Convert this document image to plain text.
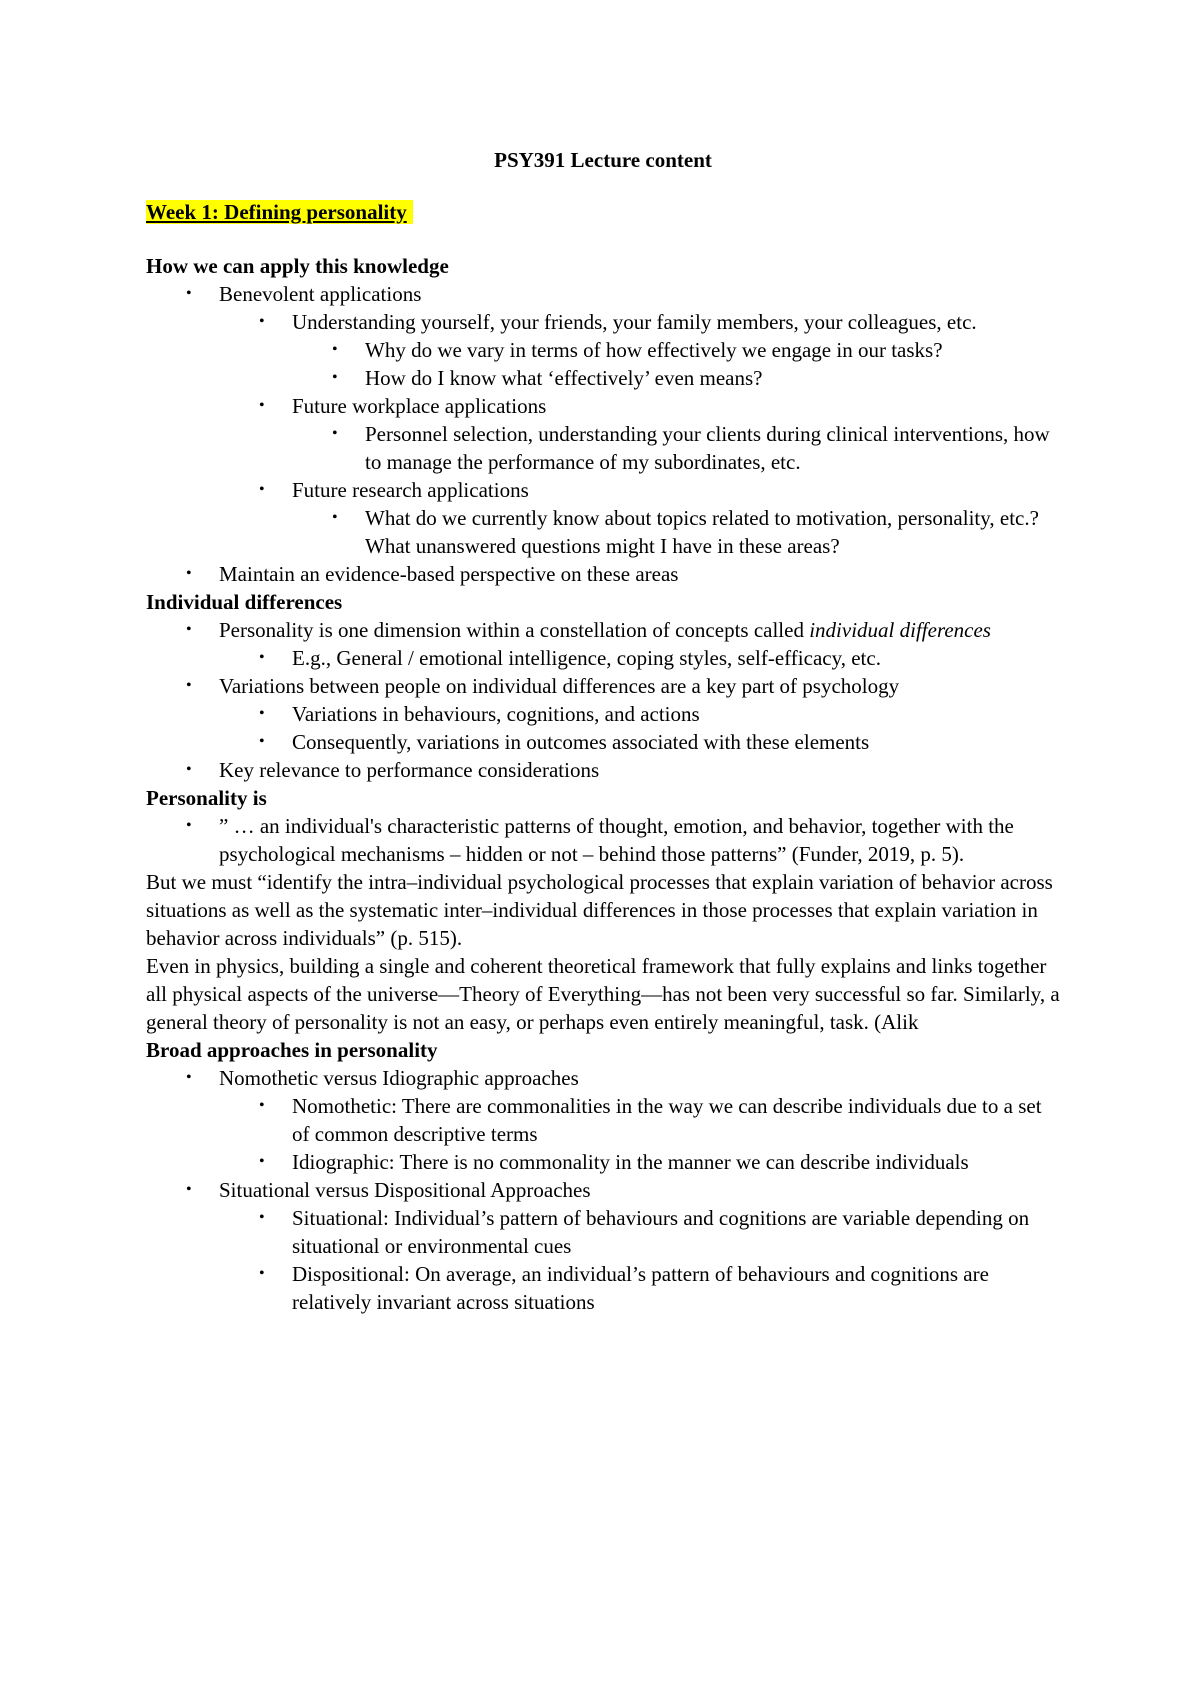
PSY391 Lecture content
Week 1: Defining personality
How we can apply this knowledge
• Benevolent applications
• Understanding yourself, your friends, your family members, your colleagues, etc.
• Why do we vary in terms of how effectively we engage in our tasks?
• How do I know what ‘effectively’ even means?
• Future workplace applications
• Personnel selection, understanding your clients during clinical interventions, how to manage the performance of my subordinates, etc.
• Future research applications
• What do we currently know about topics related to motivation, personality, etc.? What unanswered questions might I have in these areas?
• Maintain an evidence-based perspective on these areas
Individual differences
• Personality is one dimension within a constellation of concepts called individual differences
• E.g., General / emotional intelligence, coping styles, self-efficacy, etc.
• Variations between people on individual differences are a key part of psychology
• Variations in behaviours, cognitions, and actions
• Consequently, variations in outcomes associated with these elements
• Key relevance to performance considerations
Personality is
• ” … an individual's characteristic patterns of thought, emotion, and behavior, together with the psychological mechanisms – hidden or not – behind those patterns” (Funder, 2019, p. 5).

But we must “identify the intra–individual psychological processes that explain variation of behavior across situations as well as the systematic inter–individual differences in those processes that explain variation in behavior across individuals” (p. 515).

Even in physics, building a single and coherent theoretical framework that fully explains and links together all physical aspects of the universe—Theory of Everything—has not been very successful so far. Similarly, a general theory of personality is not an easy, or perhaps even entirely meaningful, task. (Alik

Broad approaches in personality
• Nomothetic versus Idiographic approaches
• Nomothetic: There are commonalities in the way we can describe individuals due to a set of common descriptive terms
• Idiographic: There is no commonality in the manner we can describe individuals
• Situational versus Dispositional Approaches
• Situational: Individual’s pattern of behaviours and cognitions are variable depending on situational or environmental cues
• Dispositional: On average, an individual’s pattern of behaviours and cognitions are relatively invariant across situations
